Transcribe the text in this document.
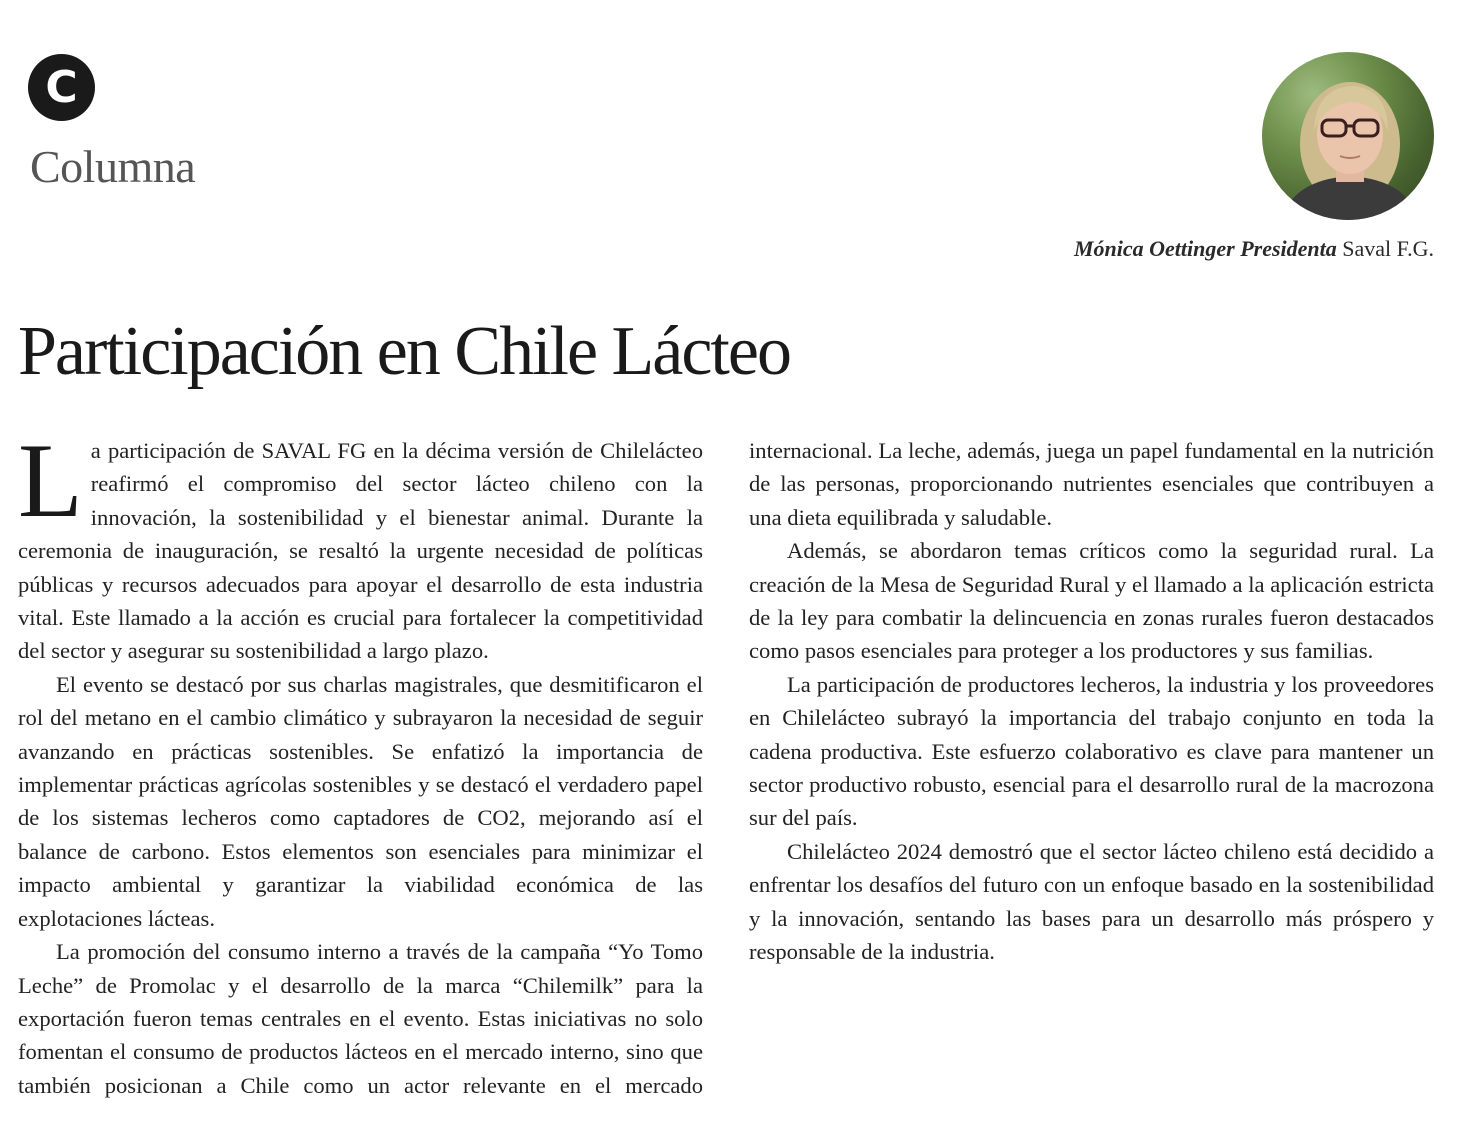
C
Columna
Mónica Oettinger Presidenta Saval F.G.
Participación en Chile Lácteo

La participación de SAVAL FG en la décima versión de Chilelácteo reafirmó el compromiso del sector lácteo chileno con la innovación, la sostenibilidad y el bienestar animal. Durante la ceremonia de inauguración, se resaltó la urgente necesidad de políticas públicas y recursos adecuados para apoyar el desarrollo de esta industria vital. Este llamado a la acción es crucial para fortalecer la competitividad del sector y asegurar su sostenibilidad a largo plazo.

El evento se destacó por sus charlas magistrales, que desmitificaron el rol del metano en el cambio climático y subrayaron la necesidad de seguir avanzando en prácticas sostenibles. Se enfatizó la importancia de implementar prácticas agrícolas sostenibles y se destacó el verdadero papel de los sistemas lecheros como captadores de CO2, mejorando así el balance de carbono. Estos elementos son esenciales para minimizar el impacto ambiental y garantizar la viabilidad económica de las explotaciones lácteas.

La promoción del consumo interno a través de la campaña “Yo Tomo Leche” de Promolac y el desarrollo de la marca “Chilemilk” para la exportación fueron temas centrales en el evento. Estas iniciativas no solo fomentan el consumo de productos lácteos en el mercado interno, sino que también posicionan a Chile como un actor relevante en el mercado internacional. La leche, además, juega un papel fundamental en la nutrición de las personas, proporcionando nutrientes esenciales que contribuyen a una dieta equilibrada y saludable.

Además, se abordaron temas críticos como la seguridad rural. La creación de la Mesa de Seguridad Rural y el llamado a la aplicación estricta de la ley para combatir la delincuencia en zonas rurales fueron destacados como pasos esenciales para proteger a los productores y sus familias.

La participación de productores lecheros, la industria y los proveedores en Chilelácteo subrayó la importancia del trabajo conjunto en toda la cadena productiva. Este esfuerzo colaborativo es clave para mantener un sector productivo robusto, esencial para el desarrollo rural de la macrozona sur del país.

Chilelácteo 2024 demostró que el sector lácteo chileno está decidido a enfrentar los desafíos del futuro con un enfoque basado en la sostenibilidad y la innovación, sentando las bases para un desarrollo más próspero y responsable de la industria.
